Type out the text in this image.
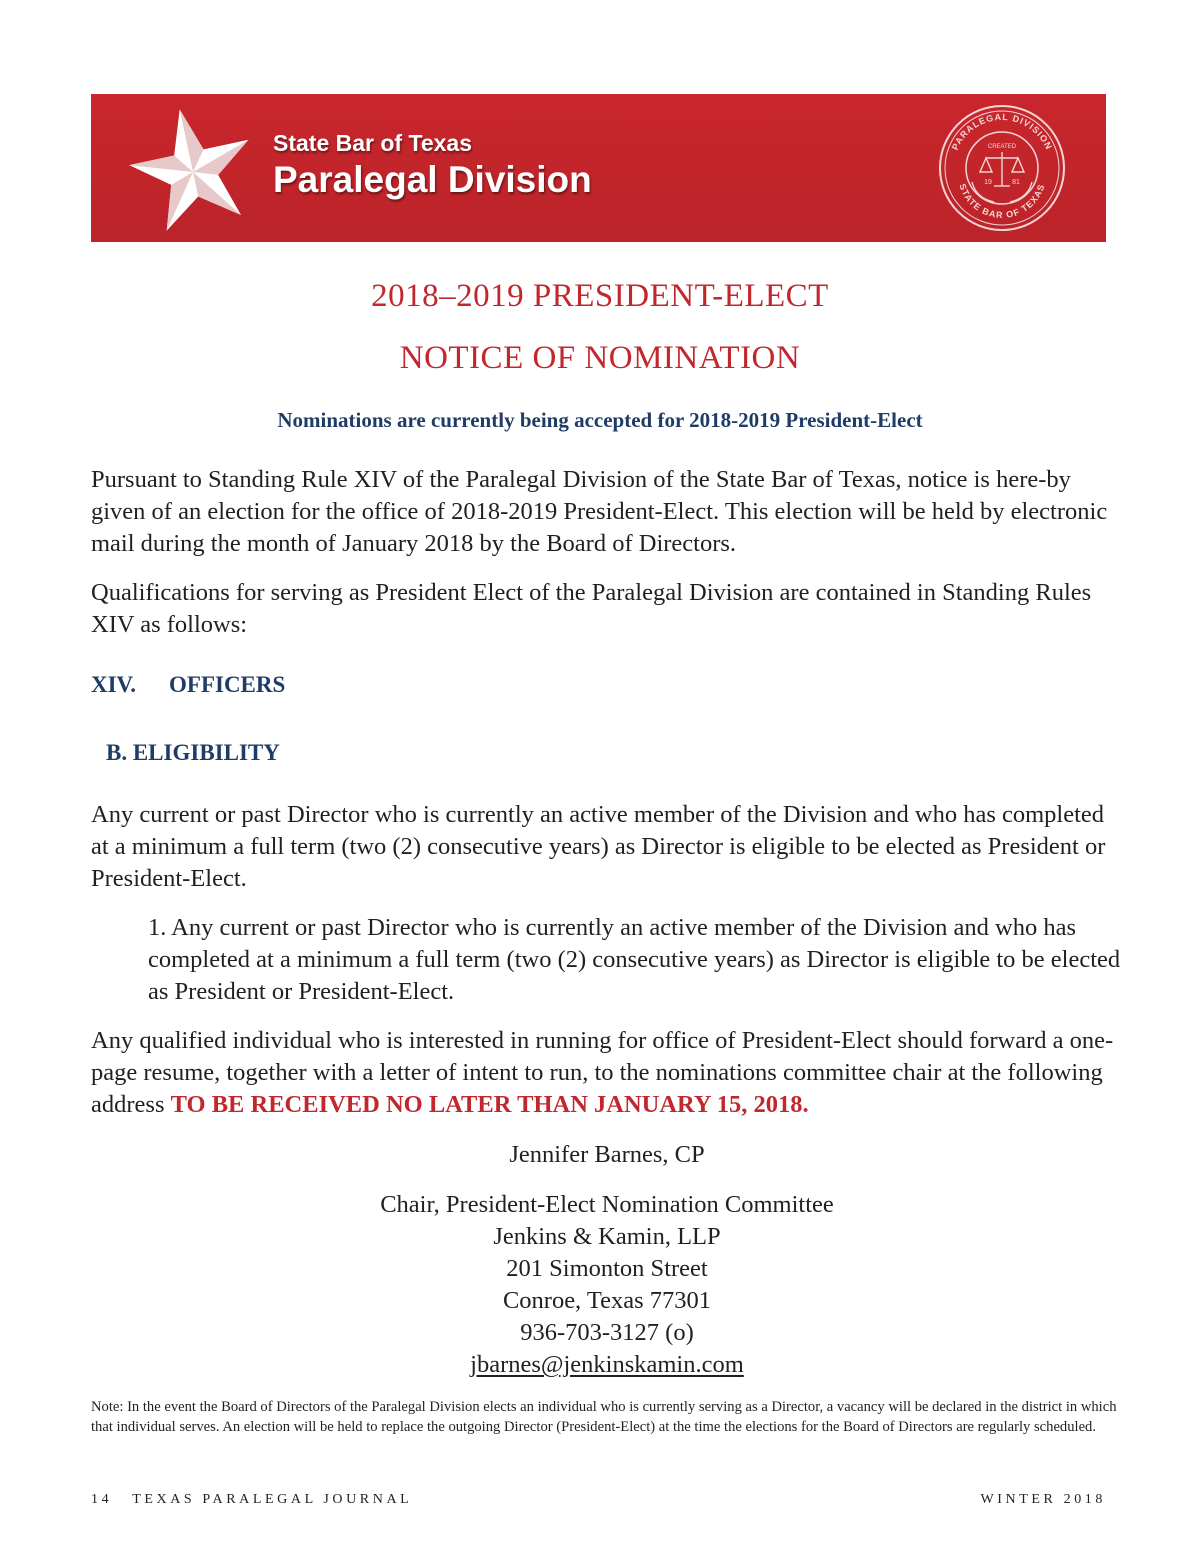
State Bar of Texas
Paralegal Division
PARALEGAL DIVISION
STATE BAR OF TEXAS
CREATED
19	81
2018–2019 PRESIDENT-ELECT
NOTICE OF NOMINATION
Nominations are currently being accepted for 2018-2019 President-Elect

Pursuant to Standing Rule XIV of the Paralegal Division of the State Bar of Texas, notice is here-by given of an election for the office of 2018-2019 President-Elect. This election will be held by electronic mail during the month of January 2018 by the Board of Directors.

Qualifications for serving as President Elect of the Paralegal Division are contained in Standing Rules XIV as follows:

XIV. OFFICERS
B. ELIGIBILITY

Any current or past Director who is currently an active member of the Division and who has completed at a minimum a full term (two (2) consecutive years) as Director is eligible to be elected as President or President-Elect.

1. Any current or past Director who is currently an active member of the Division and who has completed at a minimum a full term (two (2) consecutive years) as Director is eligible to be elected as President or President-Elect.

Any qualified individual who is interested in running for office of President-Elect should forward a one-page resume, together with a letter of intent to run, to the nominations committee chair at the following address TO BE RECEIVED NO LATER THAN JANUARY 15, 2018.

Jennifer Barnes, CP
Chair, President-Elect Nomination Committee
Jenkins & Kamin, LLP
201 Simonton Street
Conroe, Texas 77301
936-703-3127 (o)
jbarnes@jenkinskamin.com

Note: In the event the Board of Directors of the Paralegal Division elects an individual who is currently serving as a Director, a vacancy will be declared in the district in which that individual serves. An election will be held to replace the outgoing Director (President-Elect) at the time the elections for the Board of Directors are regularly scheduled.

14 TEXAS PARALEGAL JOURNAL	WINTER 2018
